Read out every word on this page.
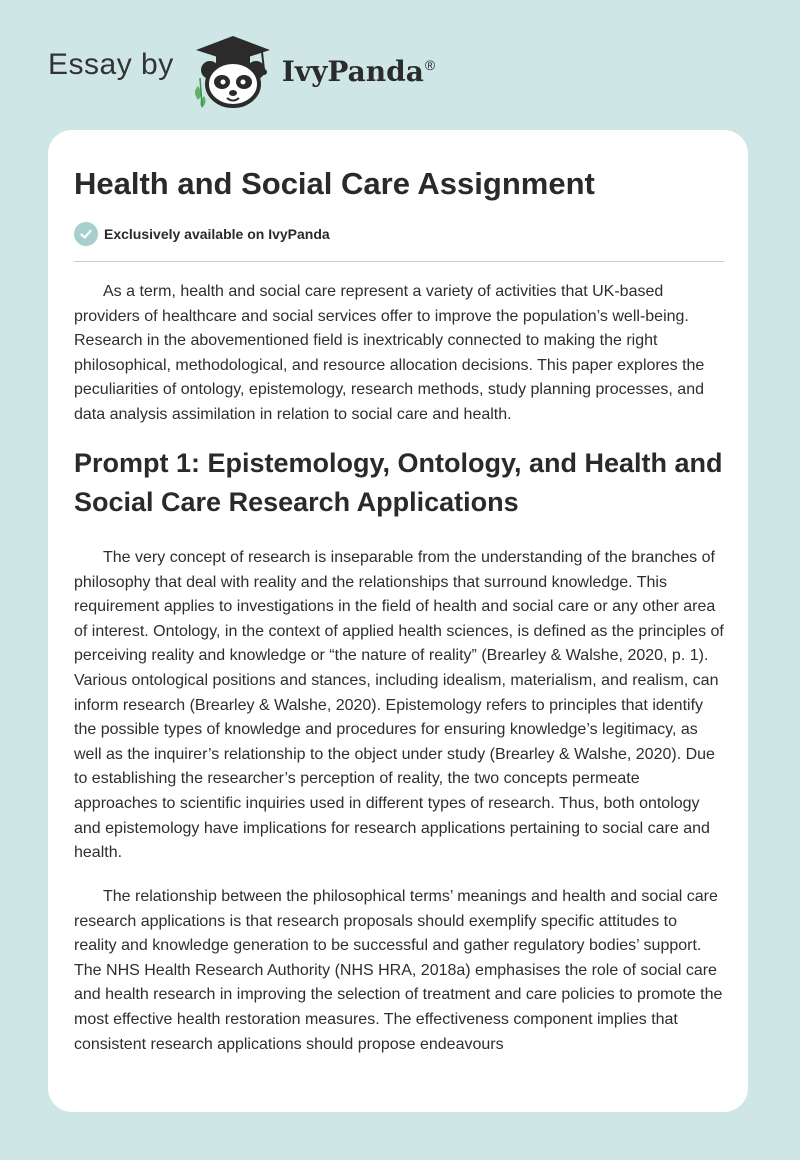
Essay by	IvyPanda®
Health and Social Care Assignment
Exclusively available on IvyPanda

As a term, health and social care represent a variety of activities that UK-based providers of healthcare and social services offer to improve the population’s well-being. Research in the abovementioned field is inextricably connected to making the right philosophical, methodological, and resource allocation decisions. This paper explores the peculiarities of ontology, epistemology, research methods, study planning processes, and data analysis assimilation in relation to social care and health.

Prompt 1: Epistemology, Ontology, and Health and Social Care Research Applications

The very concept of research is inseparable from the understanding of the branches of philosophy that deal with reality and the relationships that surround knowledge. This requirement applies to investigations in the field of health and social care or any other area of interest. Ontology, in the context of applied health sciences, is defined as the principles of perceiving reality and knowledge or “the nature of reality” (Brearley & Walshe, 2020, p. 1). Various ontological positions and stances, including idealism, materialism, and realism, can inform research (Brearley & Walshe, 2020). Epistemology refers to principles that identify the possible types of knowledge and procedures for ensuring knowledge’s legitimacy, as well as the inquirer’s relationship to the object under study (Brearley & Walshe, 2020). Due to establishing the researcher’s perception of reality, the two concepts permeate approaches to scientific inquiries used in different types of research. Thus, both ontology and epistemology have implications for research applications pertaining to social care and health.

The relationship between the philosophical terms’ meanings and health and social care research applications is that research proposals should exemplify specific attitudes to reality and knowledge generation to be successful and gather regulatory bodies’ support. The NHS Health Research Authority (NHS HRA, 2018a) emphasises the role of social care and health research in improving the selection of treatment and care policies to promote the most effective health restoration measures. The effectiveness component implies that consistent research applications should propose endeavours
